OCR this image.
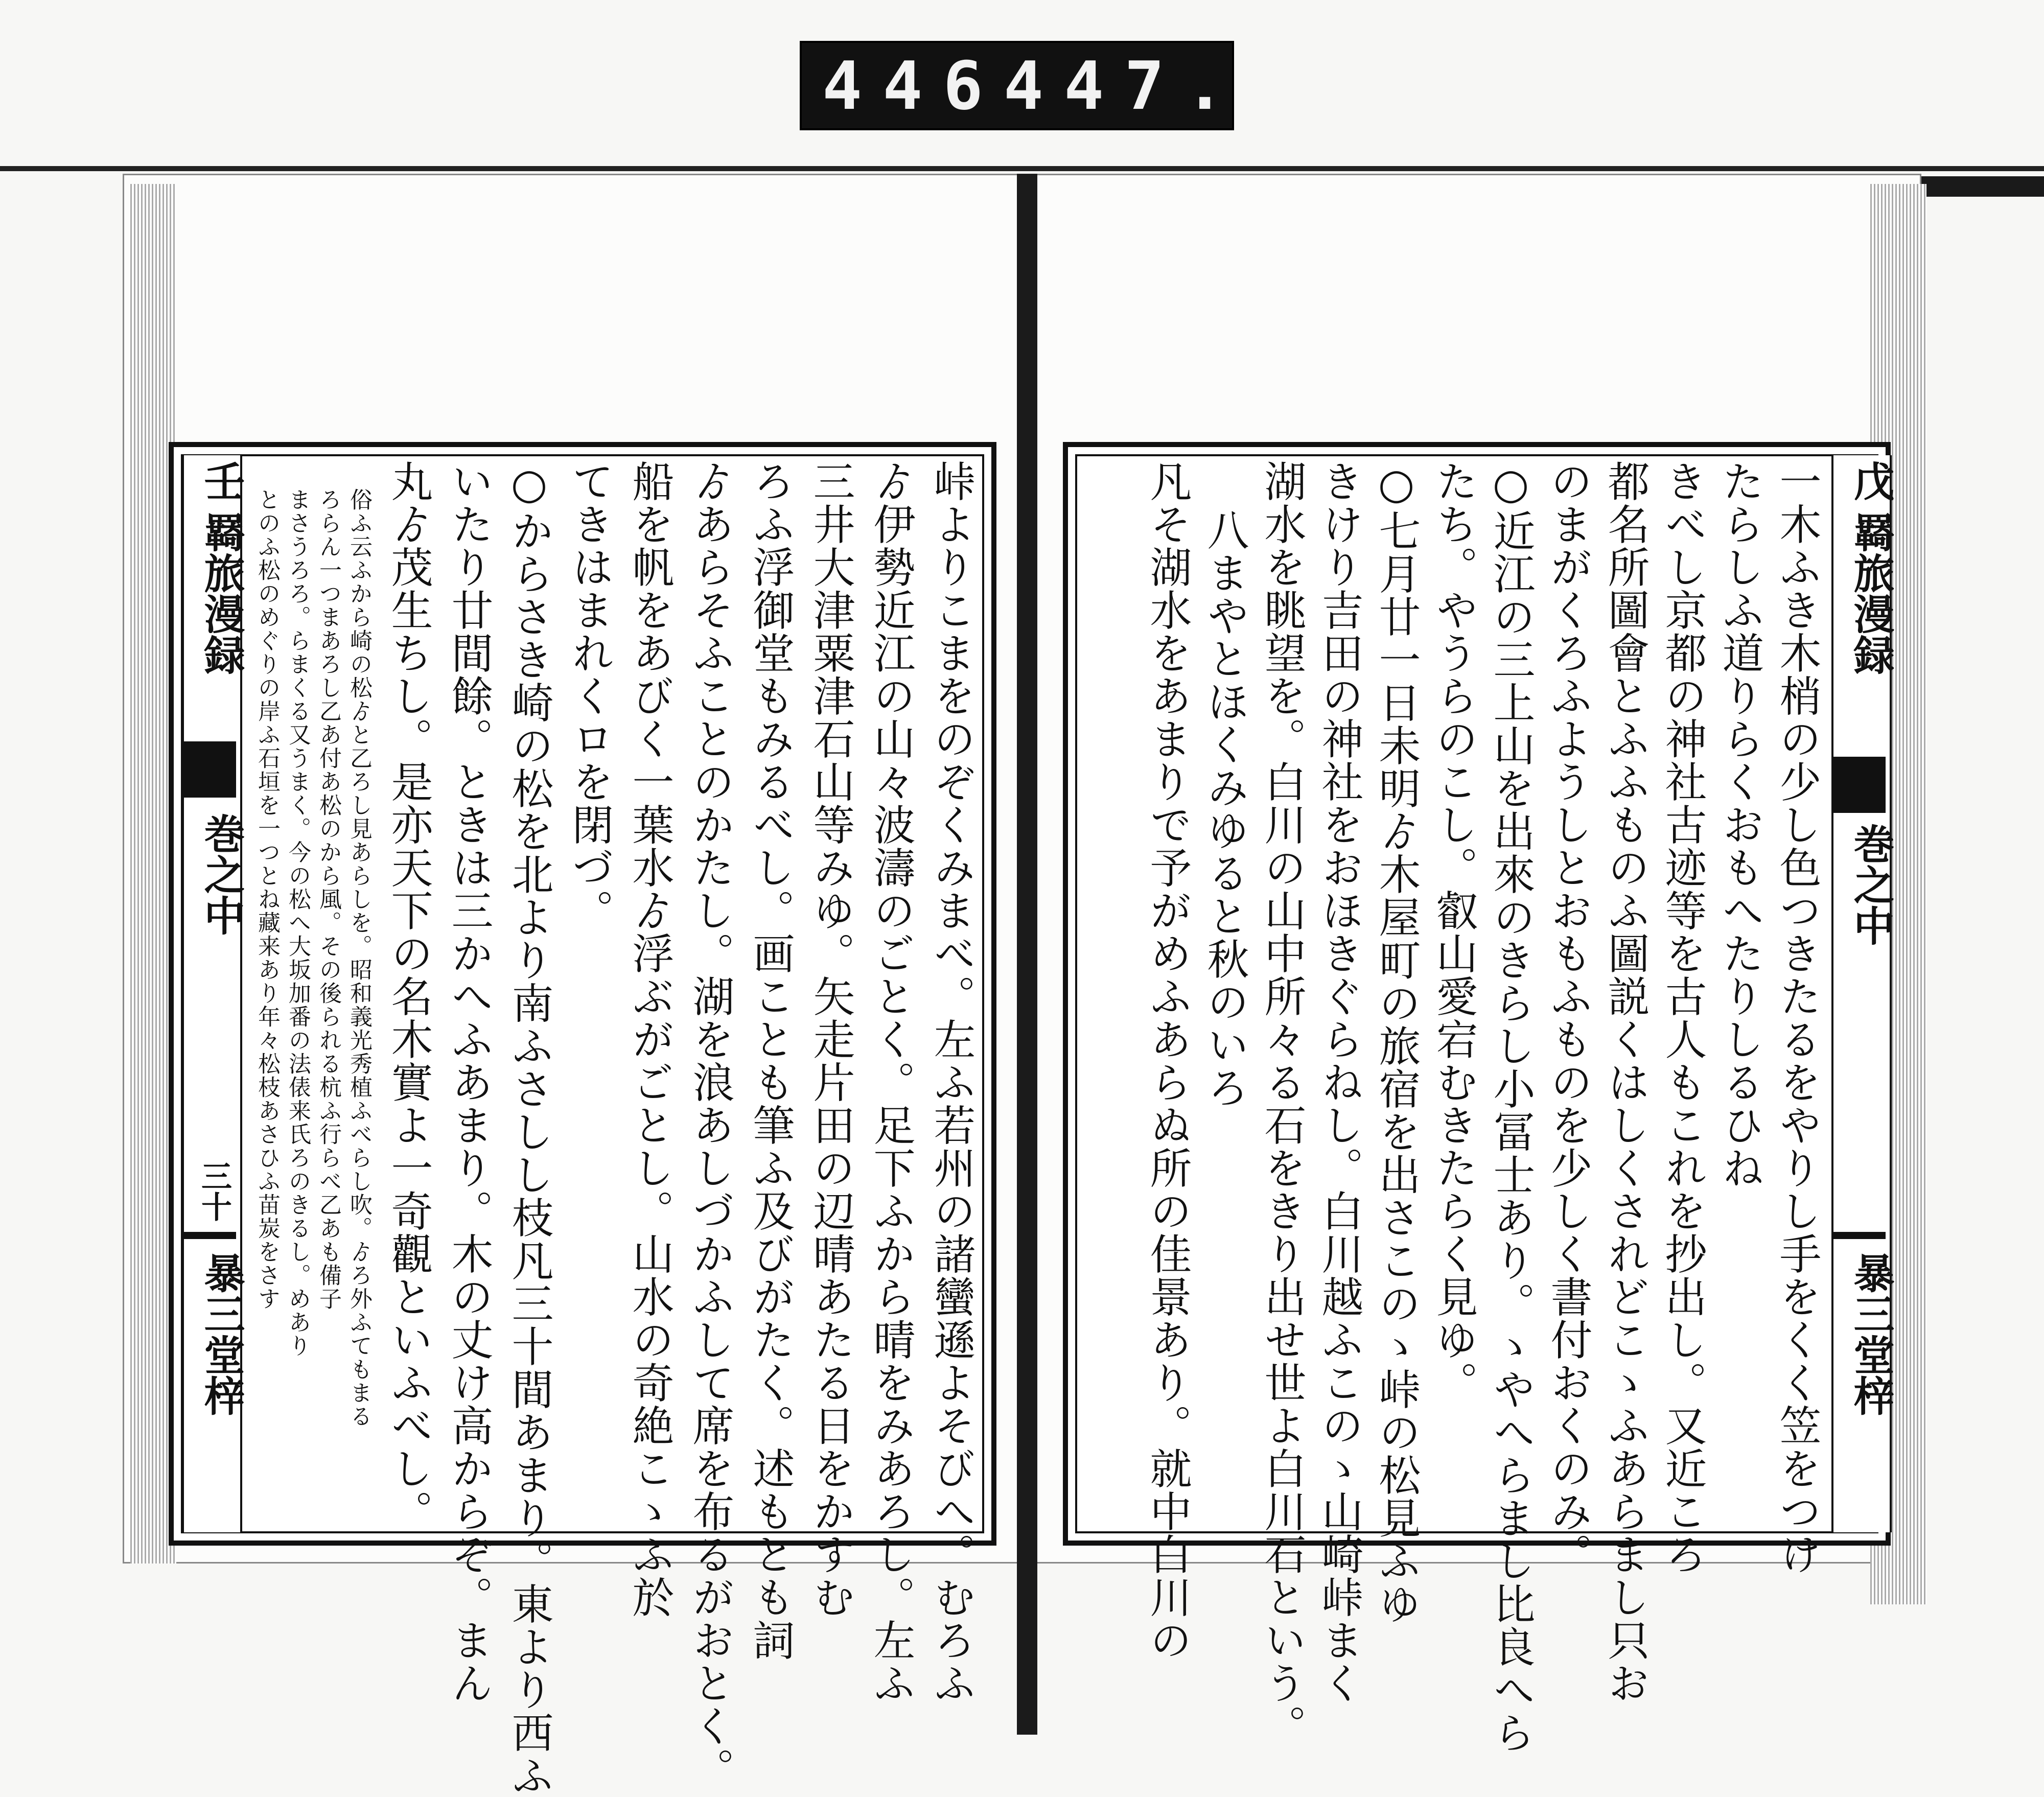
446 447.
峠よりこまをのぞくみまべ。左ふ若州の諸蠻遜よそびへ。むろふ
ゟ伊勢近江の山々波濤のごとく。足下ふから晴をみあろし。左ふ
三井大津粟津石山等みゆ。矢走片田の辺晴あたる日をかすむ
ろふ浮御堂もみるべし。画ことも筆ふ及びがたく。述もとも詞
ゟあらそふことのかたし。湖を浪あしづかふして席を布るがおとく。
船を帆をあびく一葉水ゟ浮ぶがごとし。山水の奇絶こゝふ於
てきはまれくロを閉づ。
○からさき崎の松を北より南ふさしし枝凡三十間あまり。東より西ふ
いたり廿間餘。ときは三かへふあまり。木の丈け高からぞ。まん
丸ゟ茂生ちし。是亦天下の名木實よ一奇觀といふべし。
俗ふ云ふから崎の松ゟと乙ろし見あらしを。昭和義光秀植ふべらし吹。ゟろ外ふてもまる
ろらん一つまあろし乙あ付あ松のから風。その後られる杭ふ行らべ乙あも備子
まさうろろ。らまくる又うまく。今の松へ大坂加番の法俵来氏ろのきるし。めあり
とのふ松のめぐりの岸ふ石垣を一つとね藏来あり年々松枝あさひふ苗炭をさす
壬
羇旅漫録
巻之中
三十
暴三堂梓
戊
羇旅漫録
巻之中
暴三堂梓
一木ふき木梢の少し色つきたるをやりし手をくく笠をつけ
たらしふ道りらくおもへたりしるひね
きべし京都の神社古迹等を古人もこれを抄出し。又近ころ
都名所圖會とふふものふ圖説くはしくされどこゝふあらまし只お
のまがくろふようしとおもふものを少しく書付おくのみ。
○近江の三上山を出來のきらし小冨士あり。ゝやへらまし比良へら
たち。やうらのこし。叡山愛宕むきたらく見ゆ。
○七月廿一日未明ゟ木屋町の旅宿を出さこのゝ峠の松見ふゆ
きけり吉田の神社をおほきぐらねし。白川越ふこのゝ山崎峠まく
湖水を眺望を。白川の山中所々る石をきり出せ世よ白川石という。
八まやとほくみゆると秋のいろ
凡そ湖水をあまりで予がめふあらぬ所の佳景あり。就中白川の
